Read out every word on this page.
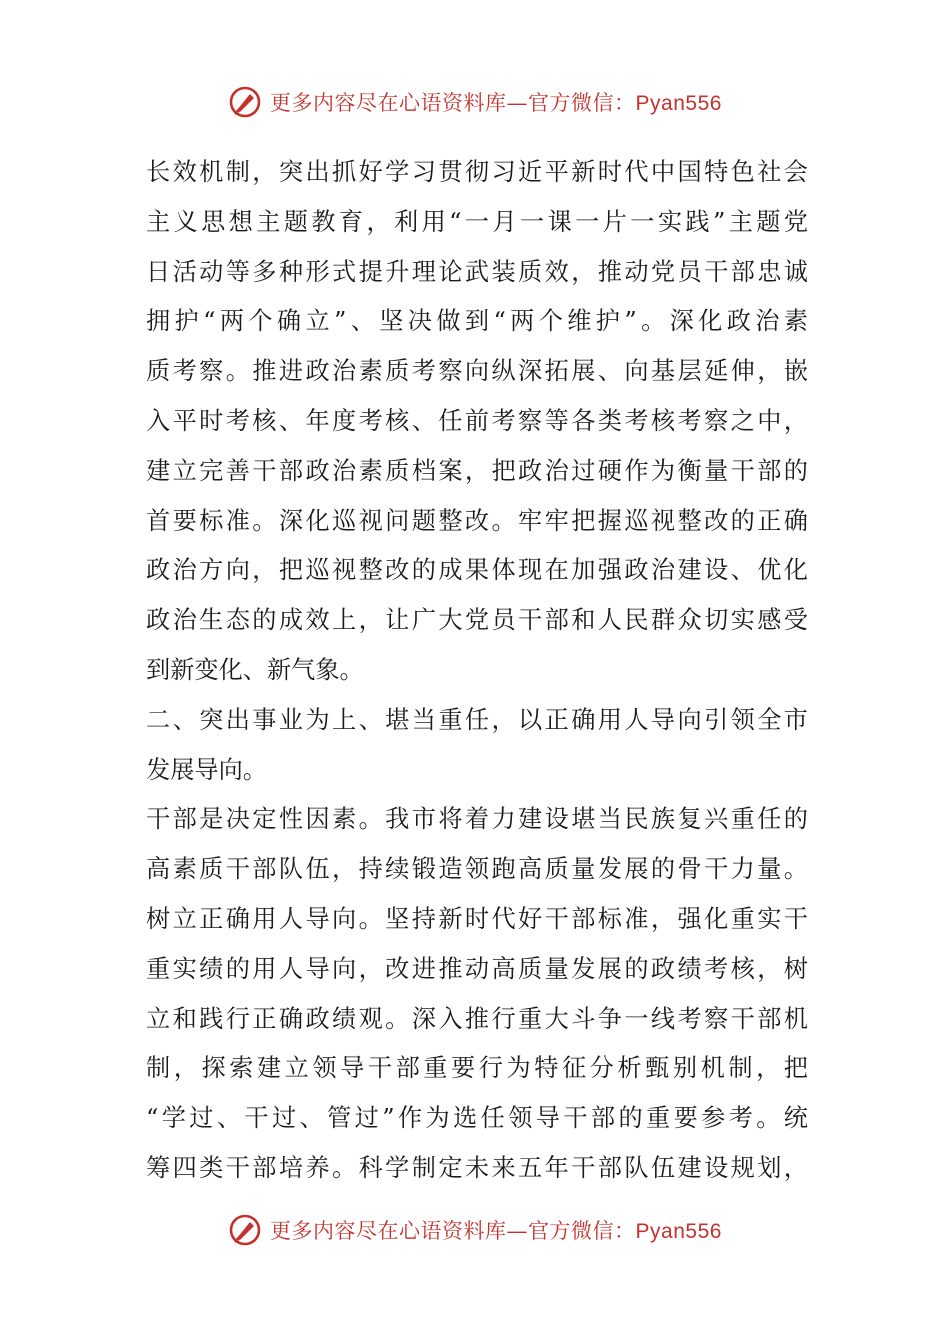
更多内容尽在心语资料库—官方微信：Pyan556
长效机制，突出抓好学习贯彻习近平新时代中国特色社会
主义思想主题教育，利用“一月一课一片一实践”主题党
日活动等多种形式提升理论武装质效，推动党员干部忠诚
拥护“两个确立”、坚决做到“两个维护”。深化政治素
质考察。推进政治素质考察向纵深拓展、向基层延伸，嵌
入平时考核、年度考核、任前考察等各类考核考察之中，
建立完善干部政治素质档案，把政治过硬作为衡量干部的
首要标准。深化巡视问题整改。牢牢把握巡视整改的正确
政治方向，把巡视整改的成果体现在加强政治建设、优化
政治生态的成效上，让广大党员干部和人民群众切实感受
到新变化、新气象。
二、突出事业为上、堪当重任，以正确用人导向引领全市
发展导向。
干部是决定性因素。我市将着力建设堪当民族复兴重任的
高素质干部队伍，持续锻造领跑高质量发展的骨干力量。
树立正确用人导向。坚持新时代好干部标准，强化重实干
重实绩的用人导向，改进推动高质量发展的政绩考核，树
立和践行正确政绩观。深入推行重大斗争一线考察干部机
制，探索建立领导干部重要行为特征分析甄别机制，把
“学过、干过、管过”作为选任领导干部的重要参考。统
筹四类干部培养。科学制定未来五年干部队伍建设规划，
更多内容尽在心语资料库—官方微信：Pyan556
